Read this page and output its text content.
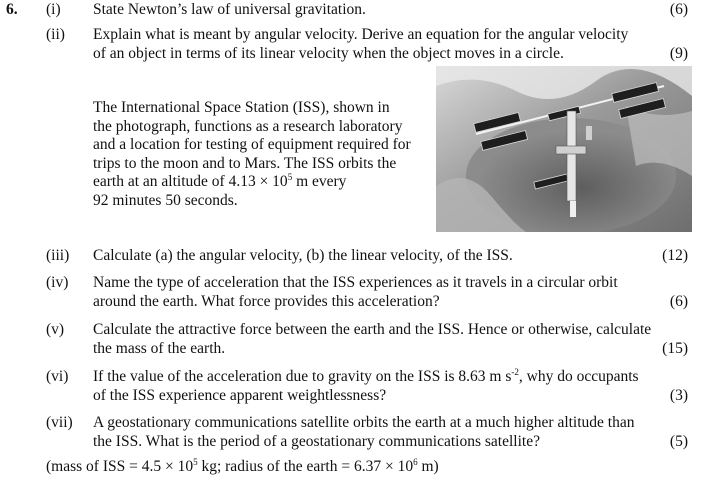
6. (i) State Newton’s law of universal gravitation.	(6)
(ii) Explain what is meant by angular velocity. Derive an equation for the angular velocity
of an object in terms of its linear velocity when the object moves in a circle.	(9)
The International Space Station (ISS), shown in
the photograph, functions as a research laboratory
and a location for testing of equipment required for
trips to the moon and to Mars. The ISS orbits the
earth at an altitude of $4.13 \times 10^5$ m every
92 minutes 50 seconds.
(iii) Calculate (a) the angular velocity, (b) the linear velocity, of the ISS.	(12)
(iv) Name the type of acceleration that the ISS experiences as it travels in a circular orbit
around the earth. What force provides this acceleration?	(6)
(v) Calculate the attractive force between the earth and the ISS. Hence or otherwise, calculate
the mass of the earth.	(15)
(vi) If the value of the acceleration due to gravity on the ISS is 8.63 m $s^{-2}$, why do occupants
of the ISS experience apparent weightlessness?	(3)
(vii) A geostationary communications satellite orbits the earth at a much higher altitude than
the ISS. What is the period of a geostationary communications satellite?	(5)
(mass of ISS = $4.5 \times 10^5$ kg; radius of the earth = $6.37 \times 10^6$ m)
